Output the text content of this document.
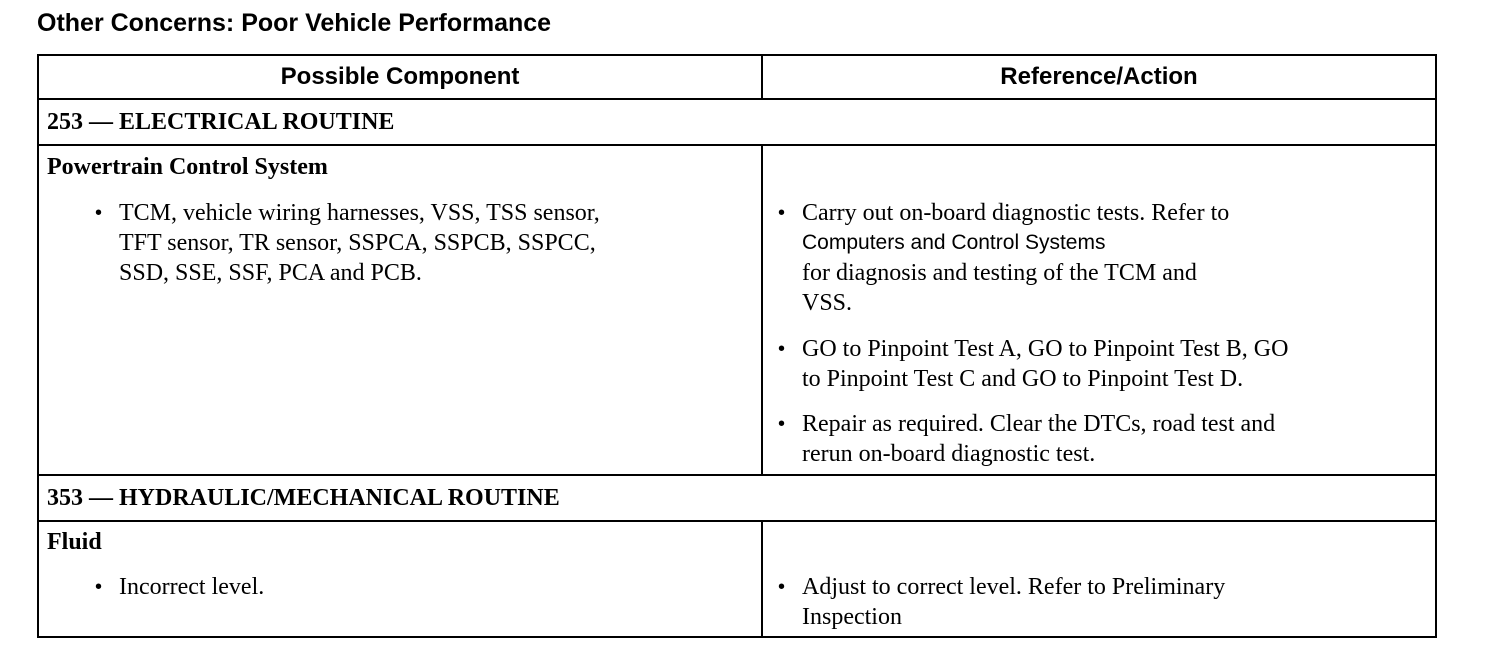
Other Concerns: Poor Vehicle Performance
Possible Component	Reference/Action
253 — ELECTRICAL ROUTINE
Powertrain Control System
• TCM, vehicle wiring harnesses, VSS, TSS sensor,
TFT sensor, TR sensor, SSPCA, SSPCB, SSPCC,
SSD, SSE, SSF, PCA and PCB.
• Carry out on-board diagnostic tests. Refer to
Computers and Control Systems
for diagnosis and testing of the TCM and
VSS.
• GO to Pinpoint Test A, GO to Pinpoint Test B, GO
to Pinpoint Test C and GO to Pinpoint Test D.
• Repair as required. Clear the DTCs, road test and
rerun on-board diagnostic test.
353 — HYDRAULIC/MECHANICAL ROUTINE
Fluid
• Incorrect level.	• Adjust to correct level. Refer to Preliminary
Inspection
